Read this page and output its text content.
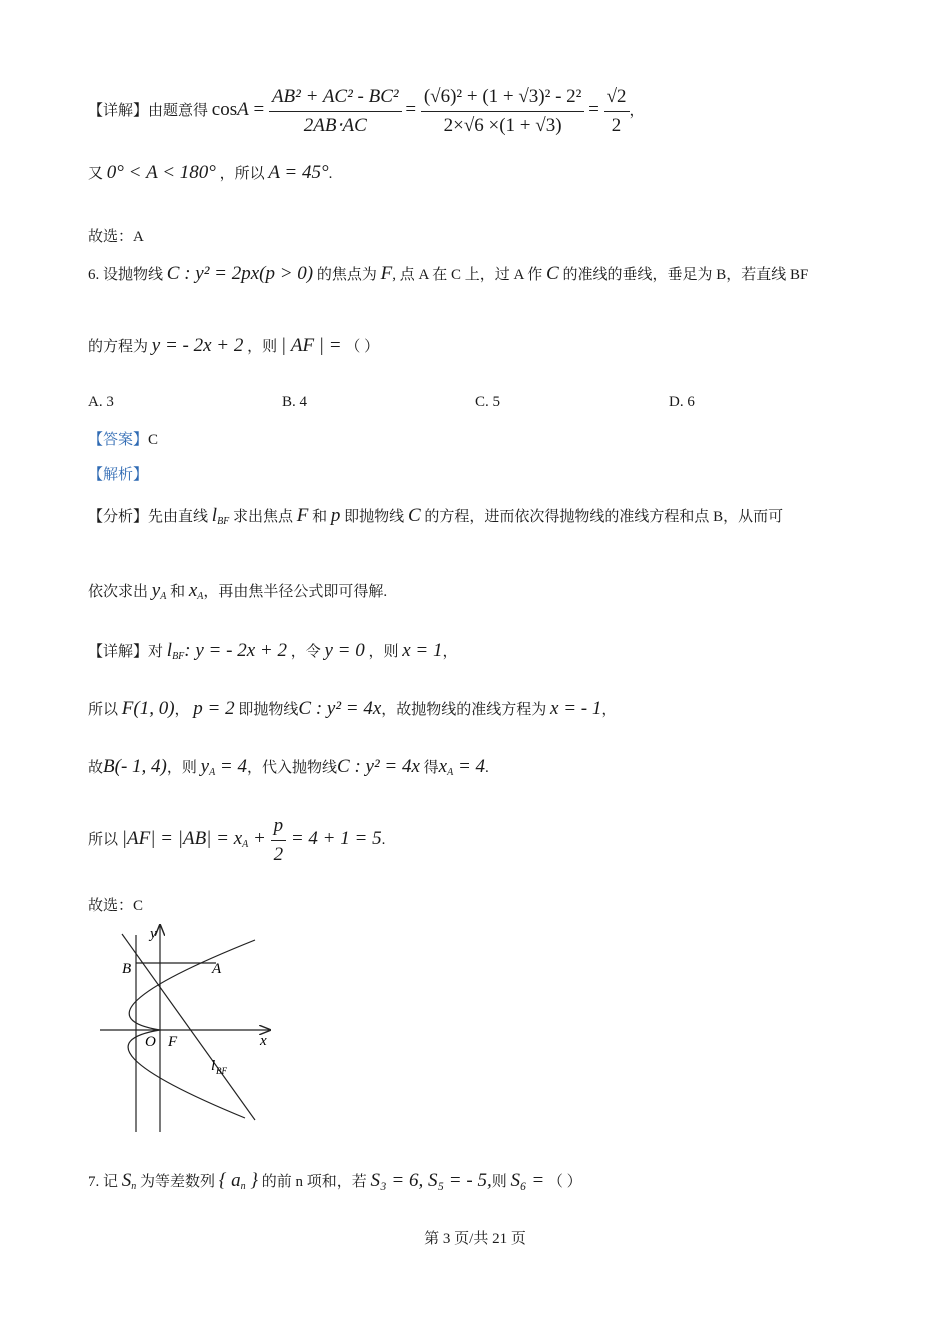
【详解】由题意得 $\cos A = \frac{\text{AB² + AC² - BC²}}{2AB\cdot AC} = \frac{\text{(√6)² + (1 + √3)² - 2²}}{2\times√6 \times(1 + √3)} = \frac{√2}{2}$ ，
又 0° < A < 180° ，所以 A = 45°.
故选：A
6. 设抛物线 C : y² = 2px(p > 0) 的焦点为 F, 点 A 在 C 上，过 A 作 C 的准线的垂线，垂足为 B，若直线 BF
的方程为 y = - 2x + 2 ，则 | AF | = （ ）
A. 3	B. 4	C. 5	D. 6
【答案】C
【解析】
【分析】先由直线 $l_{BF}$ 求出焦点 F 和 p 即抛物线 C 的方程，进而依次得抛物线的准线方程和点 B，从而可
依次求出 $y_A$ 和 $x_A$，再由焦半径公式即可得解.
【详解】对 $l_{BF}$: y = - 2x + 2 ，令 y = 0 ，则 x = 1，
所以 F(1, 0)， p = 2 即抛物线C : y² = 4x，故抛物线的准线方程为 x = - 1，
故B(- 1, 4)，则 $y_A = 4$，代入抛物线C : y² = 4x 得$x_A = 4$.
所以 $|AF| = |AB| = x_A + \frac{p}{2} = 4 + 1 = 5$.
故选：C
y
x
B	A
O F
l BF
7. 记 $S_n$ 为等差数列 { $a_n$ } 的前 n 项和，若 S₃ = 6, S₅ = - 5,则 S₆ = （ ）
第 3 页/共 21 页
